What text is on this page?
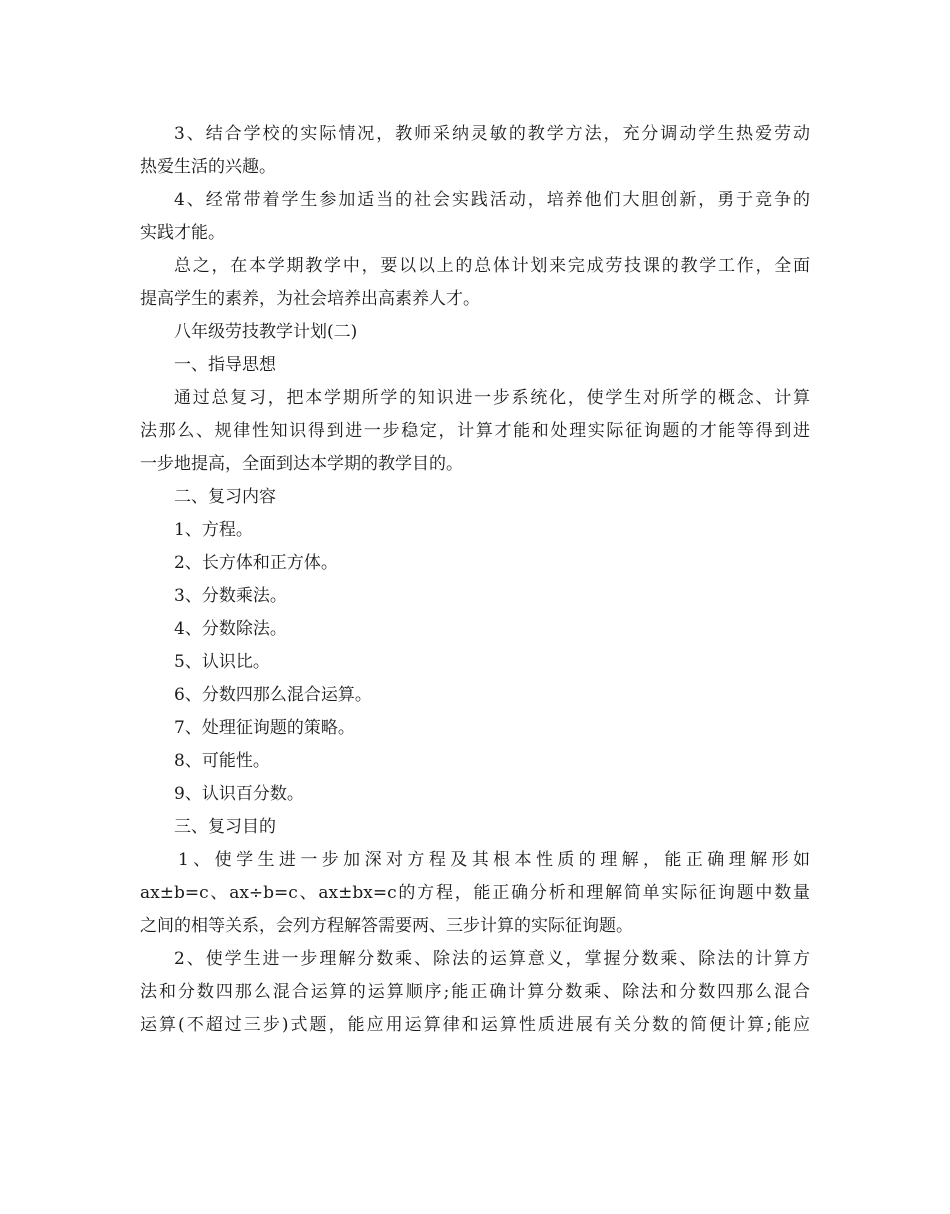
3、结合学校的实际情况，教师采纳灵敏的教学方法，充分调动学生热爱劳动
热爱生活的兴趣。
4、经常带着学生参加适当的社会实践活动，培养他们大胆创新，勇于竞争的
实践才能。
总之，在本学期教学中，要以以上的总体计划来完成劳技课的教学工作，全面
提高学生的素养，为社会培养出高素养人才。
八年级劳技教学计划(二)
一、指导思想
通过总复习，把本学期所学的知识进一步系统化，使学生对所学的概念、计算
法那么、规律性知识得到进一步稳定，计算才能和处理实际征询题的才能等得到进
一步地提高，全面到达本学期的教学目的。
二、复习内容
1、方程。
2、长方体和正方体。
3、分数乘法。
4、分数除法。
5、认识比。
6、分数四那么混合运算。
7、处理征询题的策略。
8、可能性。
9、认识百分数。
三、复习目的
1、使学生进一步加深对方程及其根本性质的理解，能正确理解形如
ax±b=c、ax÷b=c、ax±bx=c的方程，能正确分析和理解简单实际征询题中数量
之间的相等关系，会列方程解答需要两、三步计算的实际征询题。
2、使学生进一步理解分数乘、除法的运算意义，掌握分数乘、除法的计算方
法和分数四那么混合运算的运算顺序;能正确计算分数乘、除法和分数四那么混合
运算(不超过三步)式题，能应用运算律和运算性质进展有关分数的简便计算;能应
